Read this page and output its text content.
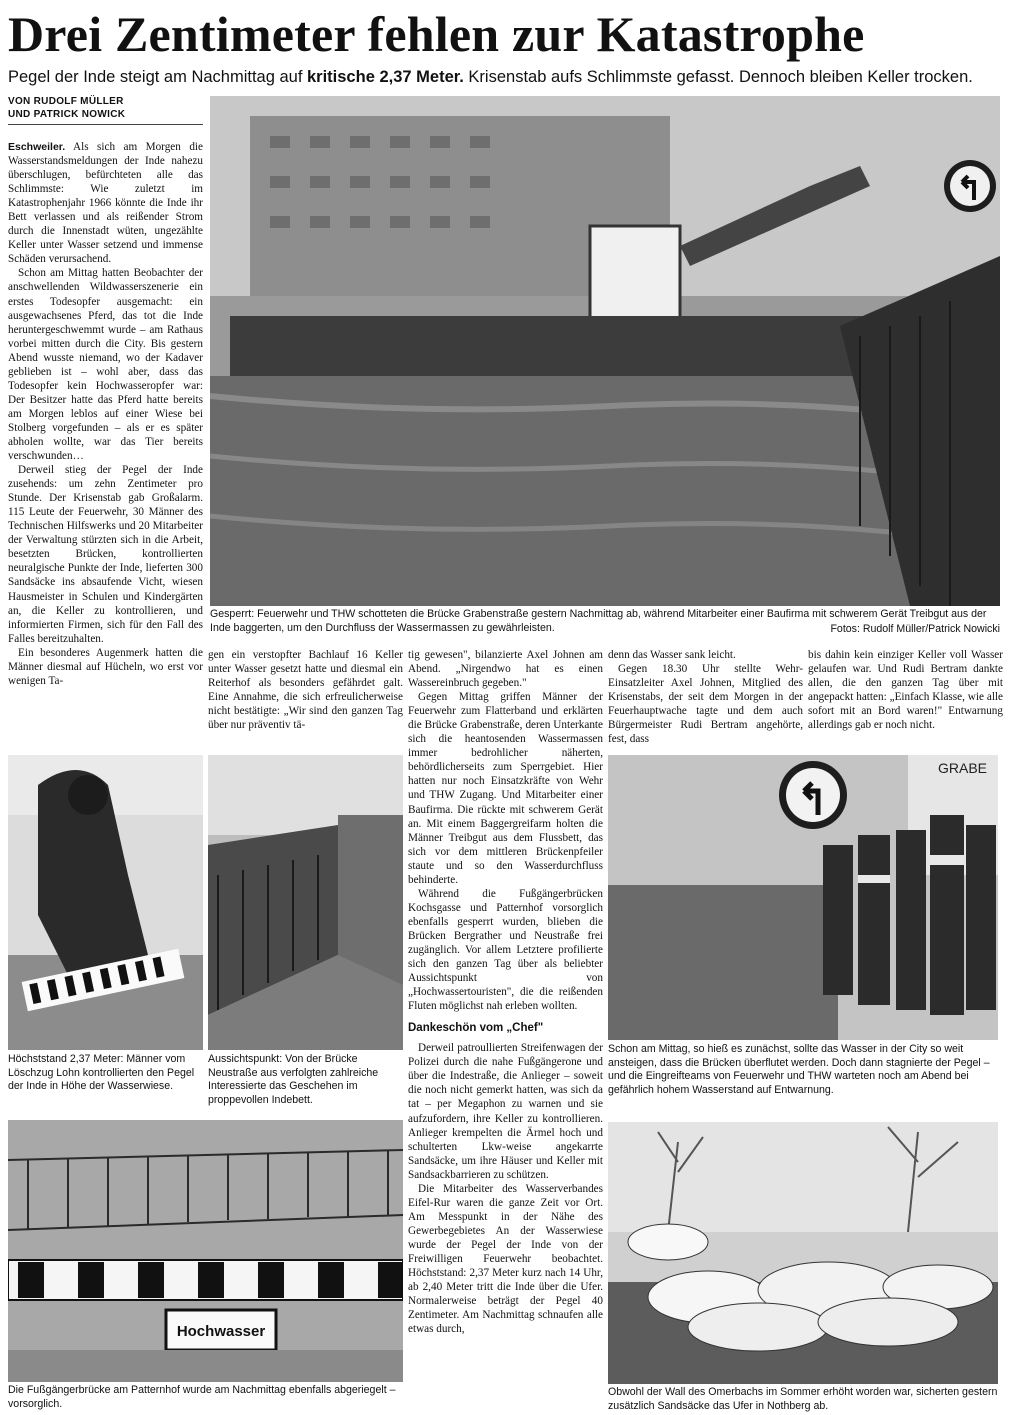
Drei Zentimeter fehlen zur Katastrophe
Pegel der Inde steigt am Nachmittag auf kritische 2,37 Meter. Krisenstab aufs Schlimmste gefasst. Dennoch bleiben Keller trocken.
VON RUDOLF MÜLLER
UND PATRICK NOWICK

Eschweiler. Als sich am Morgen die Wasserstandsmeldungen der Inde nahezu überschlugen, befürchteten alle das Schlimmste: Wie zuletzt im Katastrophenjahr 1966 könnte die Inde ihr Bett verlassen und als reißender Strom durch die Innenstadt wüten, ungezählte Keller unter Wasser setzend und immense Schäden verursachend.

Schon am Mittag hatten Beobachter der anschwellenden Wildwasserszenerie ein erstes Todesopfer ausgemacht: ein ausgewachsenes Pferd, das tot die Inde heruntergeschwemmt wurde – am Rathaus vorbei mitten durch die City. Bis gestern Abend wusste niemand, wo der Kadaver geblieben ist – wohl aber, dass das Todesopfer kein Hochwasseropfer war: Der Besitzer hatte das Pferd hatte bereits am Morgen leblos auf einer Wiese bei Stolberg vorgefunden – als er es später abholen wollte, war das Tier bereits verschwunden…

Derweil stieg der Pegel der Inde zusehends: um zehn Zentimeter pro Stunde. Der Krisenstab gab Großalarm. 115 Leute der Feuerwehr, 30 Männer des Technischen Hilfswerks und 20 Mitarbeiter der Verwaltung stürzten sich in die Arbeit, besetzten Brücken, kontrollierten neuralgische Punkte der Inde, lieferten 300 Sandsäcke ins absaufende Vicht, wiesen Hausmeister in Schulen und Kindergärten an, die Keller zu kontrollieren, und informierten Firmen, sich für den Fall des Falles bereitzuhalten.

Ein besonderes Augenmerk hatten die Männer diesmal auf Hücheln, wo erst vor wenigen Ta-

Gesperrt: Feuerwehr und THW schotteten die Brücke Grabenstraße gestern Nachmittag ab, während Mitarbeiter einer Baufirma mit schwerem Gerät Treibgut aus der Inde baggerten, um den Durchfluss der Wassermassen zu gewährleisten.	Fotos: Rudolf Müller/Patrick Nowicki

gen ein verstopfter Bachlauf 16 Keller unter Wasser gesetzt hatte und diesmal ein Reiterhof als besonders gefährdet galt. Eine Annahme, die sich erfreulicherweise nicht bestätigte: „Wir sind den ganzen Tag über nur präventiv tä-

denn das Wasser sank leicht.

Gegen 18.30 Uhr stellte Wehr-Einsatzleiter Axel Johnen, Mitglied des Krisenstabs, der seit dem Morgen in der Feuerhauptwache tagte und dem auch Bürgermeister Rudi Bertram angehörte, fest, dass

bis dahin kein einziger Keller voll Wasser gelaufen war. Und Rudi Bertram dankte allen, die den ganzen Tag über mit angepackt hatten: „Einfach Klasse, wie alle sofort mit an Bord waren!" Entwarnung allerdings gab er noch nicht.

tig gewesen", bilanzierte Axel Johnen am Abend. „Nirgendwo hat es einen Wassereinbruch gegeben."

Gegen Mittag griffen Männer der Feuerwehr zum Flatterband und erklärten die Brücke Grabenstraße, deren Unterkante sich die heantosenden Wassermassen immer bedrohlicher näherten, behördlicherseits zum Sperrgebiet. Hier hatten nur noch Einsatzkräfte von Wehr und THW Zugang. Und Mitarbeiter einer Baufirma. Die rückte mit schwerem Gerät an. Mit einem Baggergreifarm holten die Männer Treibgut aus dem Flussbett, das sich vor dem mittleren Brückenpfeiler staute und so den Wasserdurchfluss behinderte.

Während die Fußgängerbrücken Kochsgasse und Patternhof vorsorglich ebenfalls gesperrt wurden, blieben die Brücken Bergrather und Neustraße frei zugänglich. Vor allem Letztere profilierte sich den ganzen Tag über als beliebter Aussichtspunkt von „Hochwassertouristen", die die reißenden Fluten möglichst nah erleben wollten.

Dankeschön vom „Chef"

Derweil patroullierten Streifenwagen der Polizei durch die nahe Fußgängerone und über die Indestraße, die Anlieger – soweit die noch nicht gemerkt hatten, was sich da tat – per Megaphon zu warnen und sie aufzufordern, ihre Keller zu kontrollieren. Anlieger krempelten die Ärmel hoch und schulterten Lkw-weise angekarrte Sandsäcke, um ihre Häuser und Keller mit Sandsackbarrieren zu schützen.

Die Mitarbeiter des Wasserverbandes Eifel-Rur waren die ganze Zeit vor Ort. Am Messpunkt in der Nähe des Gewerbegebietes An der Wasserwiese wurde der Pegel der Inde von der Freiwilligen Feuerwehr beobachtet. Höchststand: 2,37 Meter kurz nach 14 Uhr, ab 2,40 Meter tritt die Inde über die Ufer. Normalerweise beträgt der Pegel 40 Zentimeter. Am Nachmittag schnaufen alle etwas durch,

Höchststand 2,37 Meter: Männer vom Löschzug Lohn kontrollierten den Pegel der Inde in Höhe der Wasserwiese.
Aussichtspunkt: Von der Brücke Neustraße aus verfolgten zahlreiche Interessierte das Geschehen im proppevollen Indebett.
GRABE
Schon am Mittag, so hieß es zunächst, sollte das Wasser in der City so weit ansteigen, dass die Brücken überflutet werden. Doch dann stagnierte der Pegel – und die Eingreifteams von Feuerwehr und THW warteten noch am Abend bei gefährlich hohem Wasserstand auf Entwarnung.
Hochwasser
Die Fußgängerbrücke am Patternhof wurde am Nachmittag ebenfalls abgeriegelt – vorsorglich.
Obwohl der Wall des Omerbachs im Sommer erhöht worden war, sicherten gestern zusätzlich Sandsäcke das Ufer in Nothberg ab.
